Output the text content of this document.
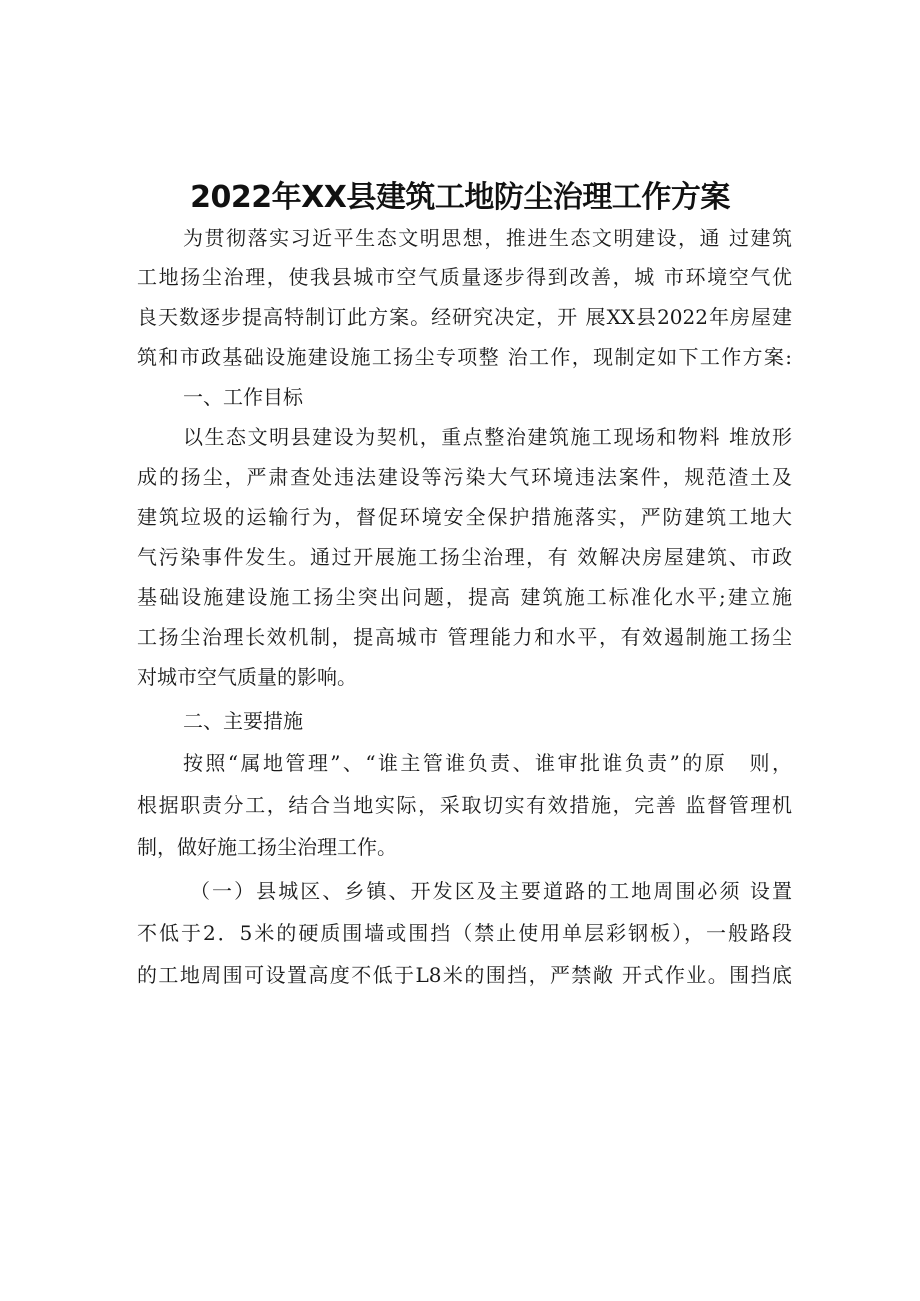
2022年XX县建筑工地防尘治理工作方案
为贯彻落实习近平生态文明思想，推进生态文明建设，通 过建筑
工地扬尘治理，使我县城市空气质量逐步得到改善，城 市环境空气优
良天数逐步提高特制订此方案。经研究决定，开 展XX县2022年房屋建
筑和市政基础设施建设施工扬尘专项整 治工作，现制定如下工作方案:
一、工作目标
以生态文明县建设为契机，重点整治建筑施工现场和物料 堆放形
成的扬尘，严肃查处违法建设等污染大气环境违法案件，规范渣土及
建筑垃圾的运输行为，督促环境安全保护措施落实，严防建筑工地大
气污染事件发生。通过开展施工扬尘治理，有 效解决房屋建筑、市政
基础设施建设施工扬尘突出问题，提高 建筑施工标准化水平;建立施
工扬尘治理长效机制，提高城市 管理能力和水平，有效遏制施工扬尘
对城市空气质量的影响。
二、主要措施
按照“属地管理”、“谁主管谁负责、谁审批谁负责”的原　则，
根据职责分工，结合当地实际，采取切实有效措施，完善 监督管理机
制，做好施工扬尘治理工作。
（一）县城区、乡镇、开发区及主要道路的工地周围必须 设置
不低于2．5米的硬质围墙或围挡（禁止使用单层彩钢板），一般路段
的工地周围可设置高度不低于L8米的围挡，严禁敞 开式作业。围挡底
